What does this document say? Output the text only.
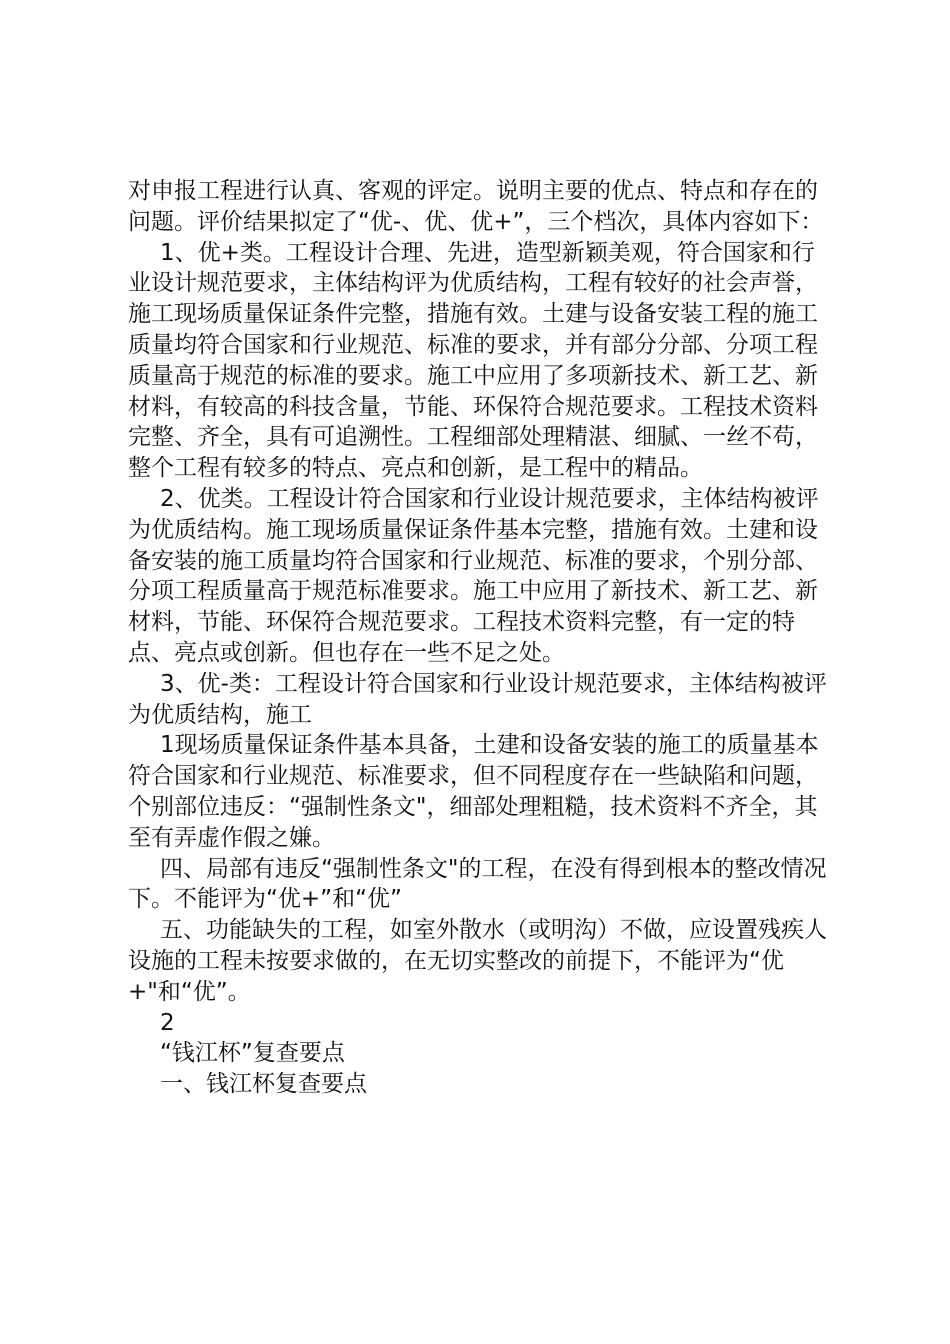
对申报工程进行认真、客观的评定。说明主要的优点、特点和存在的问题。评价结果拟定了“优-、优、优+”，三个档次，具体内容如下：

1、优+类。工程设计合理、先进，造型新颖美观，符合国家和行业设计规范要求，主体结构评为优质结构，工程有较好的社会声誉，施工现场质量保证条件完整，措施有效。土建与设备安装工程的施工质量均符合国家和行业规范、标准的要求，并有部分分部、分项工程质量高于规范的标准的要求。施工中应用了多项新技术、新工艺、新材料，有较高的科技含量，节能、环保符合规范要求。工程技术资料完整、齐全，具有可追溯性。工程细部处理精湛、细腻、一丝不苟，整个工程有较多的特点、亮点和创新，是工程中的精品。

2、优类。工程设计符合国家和行业设计规范要求，主体结构被评为优质结构。施工现场质量保证条件基本完整，措施有效。土建和设备安装的施工质量均符合国家和行业规范、标准的要求，个别分部、分项工程质量高于规范标准要求。施工中应用了新技术、新工艺、新材料，节能、环保符合规范要求。工程技术资料完整，有一定的特点、亮点或创新。但也存在一些不足之处。

3、优-类：工程设计符合国家和行业设计规范要求，主体结构被评为优质结构，施工

1现场质量保证条件基本具备，土建和设备安装的施工的质量基本符合国家和行业规范、标准要求，但不同程度存在一些缺陷和问题，个别部位违反：“强制性条文"，细部处理粗糙，技术资料不齐全，其至有弄虚作假之嫌。

四、局部有违反“强制性条文"的工程，在没有得到根本的整改情况下。不能评为“优+”和“优”

五、功能缺失的工程，如室外散水（或明沟）不做，应设置残疾人设施的工程未按要求做的，在无切实整改的前提下，不能评为“优+"和“优”。

2

“钱江杯”复查要点

一、钱江杯复查要点
